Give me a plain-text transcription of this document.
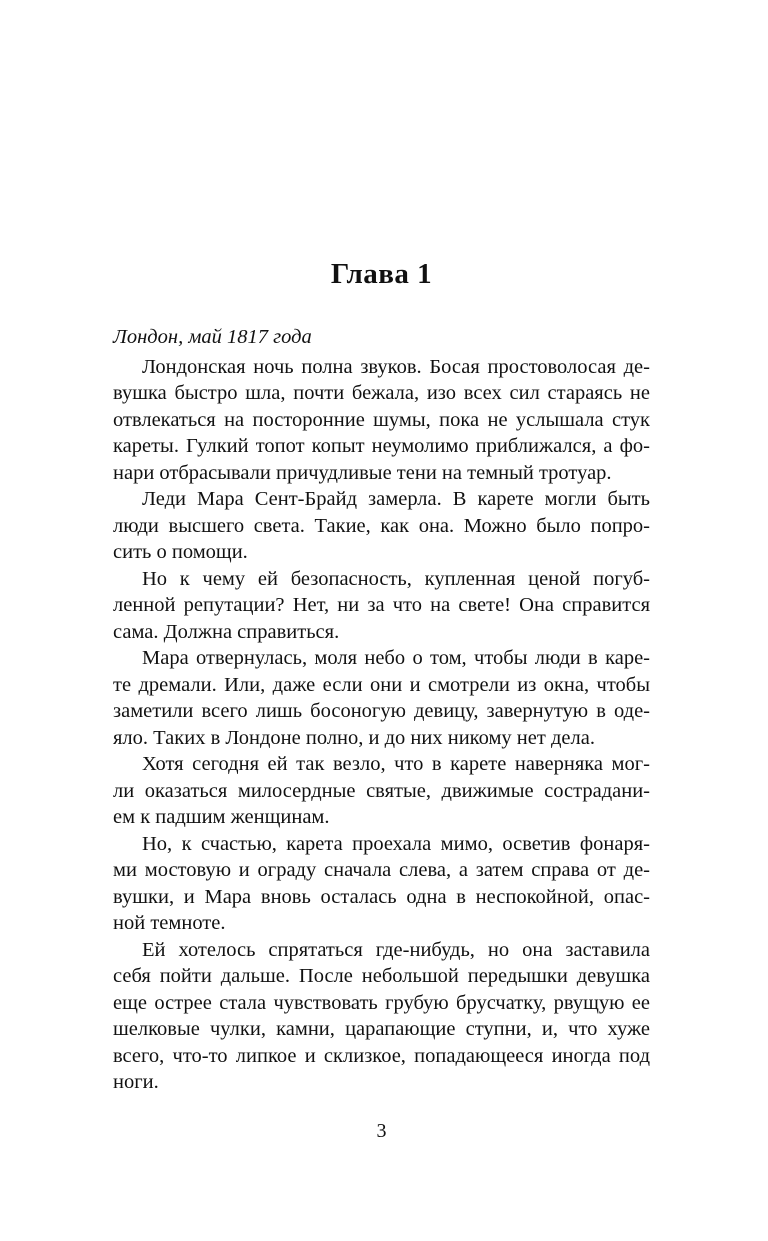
Глава 1

Лондон, май 1817 года

Лондонская ночь полна звуков. Босая простоволосая де-
вушка быстро шла, почти бежала, изо всех сил стараясь не
отвлекаться на посторонние шумы, пока не услышала стук
кареты. Гулкий топот копыт неумолимо приближался, а фо-
нари отбрасывали причудливые тени на темный тротуар.
Леди Мара Сент-Брайд замерла. В карете могли быть
люди высшего света. Такие, как она. Можно было попро-
сить о помощи.
Но к чему ей безопасность, купленная ценой погуб-
ленной репутации? Нет, ни за что на свете! Она справится
сама. Должна справиться.
Мара отвернулась, моля небо о том, чтобы люди в каре-
те дремали. Или, даже если они и смотрели из окна, чтобы
заметили всего лишь босоногую девицу, завернутую в оде-
яло. Таких в Лондоне полно, и до них никому нет дела.
Хотя сегодня ей так везло, что в карете наверняка мог-
ли оказаться милосердные святые, движимые сострадани-
ем к падшим женщинам.
Но, к счастью, карета проехала мимо, осветив фонаря-
ми мостовую и ограду сначала слева, а затем справа от де-
вушки, и Мара вновь осталась одна в неспокойной, опас-
ной темноте.
Ей хотелось спрятаться где-нибудь, но она заставила
себя пойти дальше. После небольшой передышки девушка
еще острее стала чувствовать грубую брусчатку, рвущую ее
шелковые чулки, камни, царапающие ступни, и, что хуже
всего, что-то липкое и склизкое, попадающееся иногда под
ноги.

3
